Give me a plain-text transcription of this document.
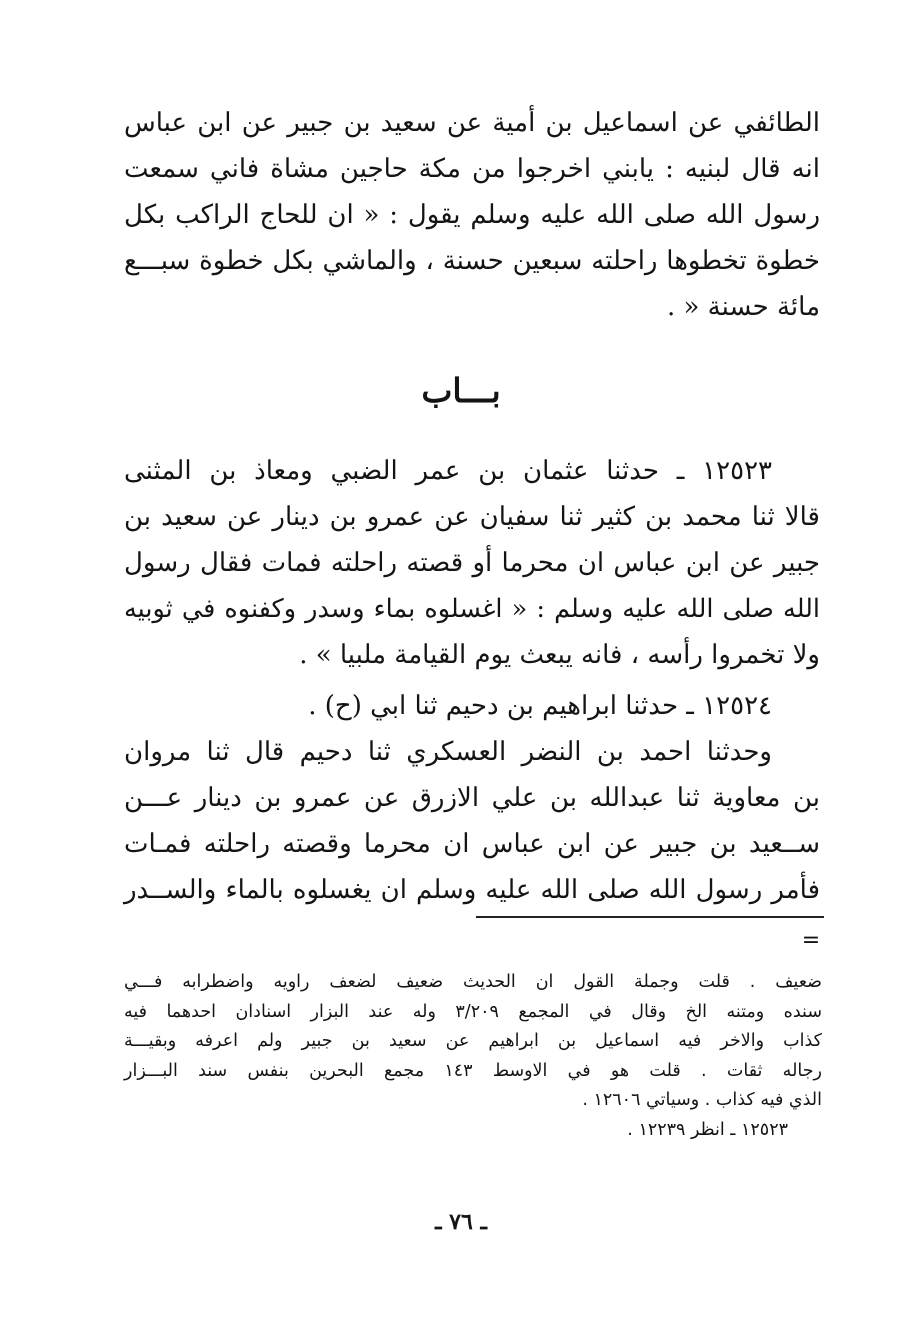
الطائفي عن اسماعيل بن أمية عن سعيد بن جبير عن ابن عباس
انه قال لبنيه : يابني اخرجوا من مكة حاجين مشاة فاني سمعت
رسول الله صلى الله عليه وسلم يقول : « ان للحاج الراكب بكل
خطوة تخطوها راحلته سبعين حسنة ، والماشي بكل خطوة سبـــع
مائة حسنة « .
بـــاب
١٢٥٢٣ ـ حدثنا عثمان بن عمر الضبي ومعاذ بن المثنى
قالا ثنا محمد بن كثير ثنا سفيان عن عمرو بن دينار عن سعيد بن
جبير عن ابن عباس ان محرما أو قصته راحلته فمات فقال رسول
الله صلى الله عليه وسلم : « اغسلوه بماء وسدر وكفنوه في ثوبيه
ولا تخمروا رأسه ، فانه يبعث يوم القيامة ملبيا » .
١٢٥٢٤ ـ حدثنا ابراهيم بن دحيم ثنا ابي (ح) .
وحدثنا احمد بن النضر العسكري ثنا دحيم قال ثنا مروان
بن معاوية ثنا عبدالله بن علي الازرق عن عمرو بن دينار عـــن
ســعيد بن جبير عن ابن عباس ان محرما وقصته راحلته فمـات
فأمر رسول الله صلى الله عليه وسلم ان يغسلوه بالماء والســدر
=
ضعيف . قلت وجملة القول ان الحديث ضعيف لضعف راويه واضطرابه فـــي
سنده ومتنه الخ وقال في المجمع ٣/٢٠٩ وله عند البزار اسنادان احدهما فيه
كذاب والاخر فيه اسماعيل بن ابراهيم عن سعيد بن جبير ولم اعرفه وبقيـــة
رجاله ثقات . قلت هو في الاوسط ١٤٣ مجمع البحرين بنفس سند البـــزار
الذي فيه كذاب . وسياتي ١٢٦٠٦ .
١٢٥٢٣ ـ انظر ١٢٢٣٩ .
ـ ٧٦ ـ
